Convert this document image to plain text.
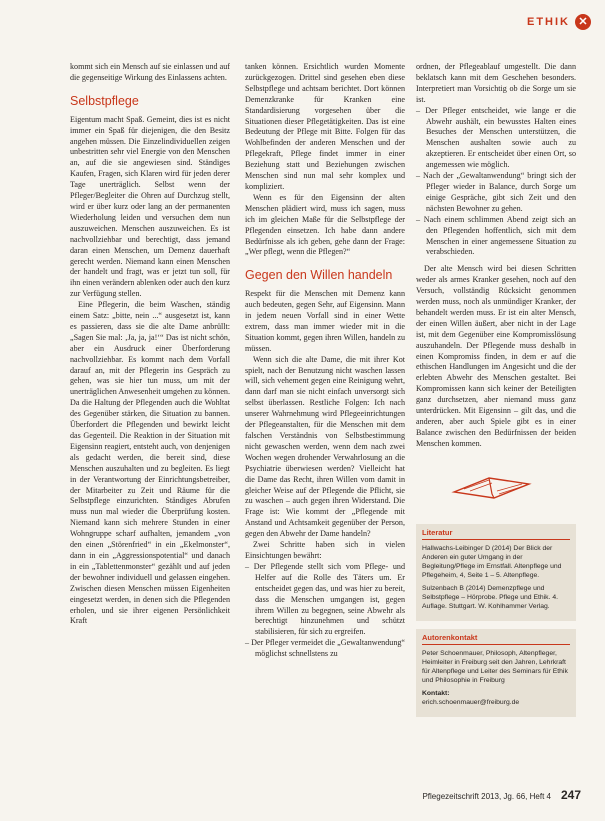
ETHIK ✕

kommt sich ein Mensch auf sie einlassen und auf die gegenseitige Wirkung des Einlassens achten.

Selbstpflege

Eigentum macht Spaß. Gemeint, dies ist es nicht immer ein Spaß für diejenigen, die den Besitz angehen müssen. Die Einzelindividuellen zeigen unbestritten sehr viel Energie von den Menschen an, auf die sie angewiesen sind. Ständiges Kaufen, Fragen, sich Klaren wird für jeden derer Tage unerträglich. Selbst wenn der Pfleger/Begleiter die Ohren auf Durchzug stellt, wird er über kurz oder lang an der permanenten Wiederholung leiden und versuchen dem nun auszuweichen. Menschen auszuweichen. Es ist nachvollziehbar und berechtigt, dass jemand daran einen Menschen, um Demenz dauerhaft gerecht werden. Niemand kann einen Menschen der handelt und fragt, was er jetzt tun soll, für ihn einen verändern ablenken oder auch den kurz zur Verfügung stellen.

Eine Pflegerin, die beim Waschen, ständig einem Satz: „bitte, nein ...“ ausgesetzt ist, kann es passieren, dass sie die alte Dame anbrüllt: „Sagen Sie mal: ‚Ja, ja, ja!‘“ Das ist nicht schön, aber ein Ausdruck einer Überforderung nachvollziehbar. Es kommt nach dem Vorfall darauf an, mit der Pflegerin ins Gespräch zu gehen, was sie hier tun muss, um mit der unerträglichen Anwesenheit umgehen zu können. Da die Haltung der Pflegenden auch die Wohltat des Gegenüber stärken, die Situation zu bannen. Überfordert die Pflegenden und bewirkt leicht das Gegenteil. Die Reaktion in der Situation mit Eigensinn reagiert, entsteht auch, von denjenigen als gedacht werden, die bereit sind, diese Menschen auszuhalten und zu begleiten. Es liegt in der Verantwortung der Einrichtungsbetreiber, der Mitarbeiter zu Zeit und Räume für die Selbstpflege einzurichten. Ständiges Abrufen muss nun mal wieder die Überprüfung kosten. Niemand kann sich mehrere Stunden in einer Wohngruppe scharf aufhalten, jemandem „von den einen „Störenfried“ in ein „Ekelmonster“, dann in ein „Aggressionspotential“ und danach in ein „Tablettenmonster“ gezählt und auf jeden der bewohner individuell und gelassen eingehen. Zwischen diesen Menschen müssen Eigenheiten eingesetzt werden, in denen sich die Pflegenden erholen, und sie ihrer eigenen Persönlichkeit Kraft

tanken können. Ersichtlich wurden Momente zurückgezogen. Drittel sind gesehen eben diese Selbstpflege und achtsam berichtet. Dort können Demenzkranke für Kranken eine Standardisierung vorgesehen über die Situationen dieser Pflegetätigkeiten. Das ist eine Bedeutung der Pflege mit Bitte. Folgen für das Wohlbefinden der anderen Menschen und der Pflegekraft, Pflege findet immer in einer Beziehung statt und Beziehungen zwischen Menschen sind nun mal sehr komplex und kompliziert.

Wenn es für den Eigensinn der alten Menschen plädiert wird, muss ich sagen, muss ich im gleichen Maße für die Selbstpflege der Pflegenden einsetzen. Ich habe dann andere Bedürfnisse als ich geben, gehe dann der Frage: „Wer pflegt, wenn die Pflegen?“

Gegen den Willen handeln

Respekt für die Menschen mit Demenz kann auch bedeuten, gegen Sehr, auf Eigensinn. Mann in jedem neuen Vorfall sind in einer Wette extrem, dass man immer wieder mit in die Situation kommt, gegen ihren Willen, handeln zu müssen.

Wenn sich die alte Dame, die mit ihrer Kot spielt, nach der Benutzung nicht waschen lassen will, sich vehement gegen eine Reinigung wehrt, dann darf man sie nicht einfach unversorgt sich selbst überlassen. Restliche Folgen: Ich nach unserer Wahrnehmung wird Pflegeeinrichtungen der Pflegeanstalten, für die Menschen mit dem falschen Verständnis von Selbstbestimmung nicht gewaschen werden, wenn dem nach zwei Wochen wegen drohender Verwahrlosung an die Psychiatrie überwiesen werden? Vielleicht hat die Dame das Recht, ihren Willen vom damit in gleicher Weise auf der Pflegende die Pflicht, sie zu waschen – auch gegen ihren Widerstand. Die Frage ist: Wie kommt der „Pflegende mit Anstand und Achtsamkeit gegenüber der Person, gegen den Abwehr der Dame handeln?

Zwei Schritte haben sich in vielen Einsichtungen bewährt:

– Der Pflegende stellt sich vom Pflege- und Helfer auf die Rolle des Täters um. Er entscheidet gegen das, und was hier zu bereit, dass die Menschen umgangen ist, gegen ihrem Willen zu begegnen, seine Abwehr als berechtigt hinzunehmen und schützt stabilisieren, für sich zu ergreifen.
– Der Pfleger vermeidet die „Gewaltanwendung“ möglichst schnellstens zu

ordnen, der Pflegeablauf umgestellt. Die dann beklatsch kann mit dem Geschehen besonders. Interpretiert man Vorsichtig ob die Sorge um sie ist.

– Der Pfleger entscheidet, wie lange er die Abwehr aushält, ein bewusstes Halten eines Besuches der Menschen unterstützen, die Menschen aushalten sowie auch zu akzeptieren. Er entscheidet über einen Ort, so angemessen wie möglich.
– Nach der „Gewaltanwendung“ bringt sich der Pfleger wieder in Balance, durch Sorge um einige Gespräche, gibt sich Zeit und den nächsten Bewohner zu gehen.
– Nach einem schlimmen Abend zeigt sich an den Pflegenden hoffentlich, sich mit dem Menschen in einer angemessene Situation zu verabschieden.

Der alte Mensch wird bei diesen Schritten weder als armes Kranker gesehen, noch auf den Versuch, vollständig Rücksicht genommen werden muss, noch als unmündiger Kranker, der behandelt werden muss. Er ist ein alter Mensch, der einen Willen äußert, aber nicht in der Lage ist, mit dem Gegenüber eine Kompromisslösung auszuhandeln. Der Pflegende muss deshalb in einen Kompromiss finden, in dem er auf die ethischen Handlungen im Angesicht und die der erlebten Abwehr des Menschen gestaltet. Bei Kompromissen kann sich keiner der Beteiligten ganz durchsetzen, aber niemand muss ganz unterdrücken. Mit Eigensinn – gilt das, und die anderen, aber auch Spiele gibt es in einer Balance zwischen den Bedürfnissen der beiden Menschen kommen.

Literatur

Hallwachs-Leibinger D (2014) Der Blick der Anderen ein guter Umgang in der Begleitung/Pflege im Ernstfall. Altenpflege und Pflegeheim, 4, Seite 1 – 5. Altenpflege.

Sulzenbach B (2014) Demenzpflege und Selbstpflege – Hörprobe. Pflege und Ethik. 4. Auflage. Stuttgart. W. Kohlhammer Verlag.

Autorenkontakt

Peter Schoenmauer, Philosoph, Altenpfleger, Heimleiter in Freiburg seit den Jahren, Lehrkraft für Altenpflege und Leiter des Seminars für Ethik und Philosophie in Freiburg

Kontakt:

erich.schoenmauer@freiburg.de

Pflegezeitschrift 2013, Jg. 66, Heft 4 247
